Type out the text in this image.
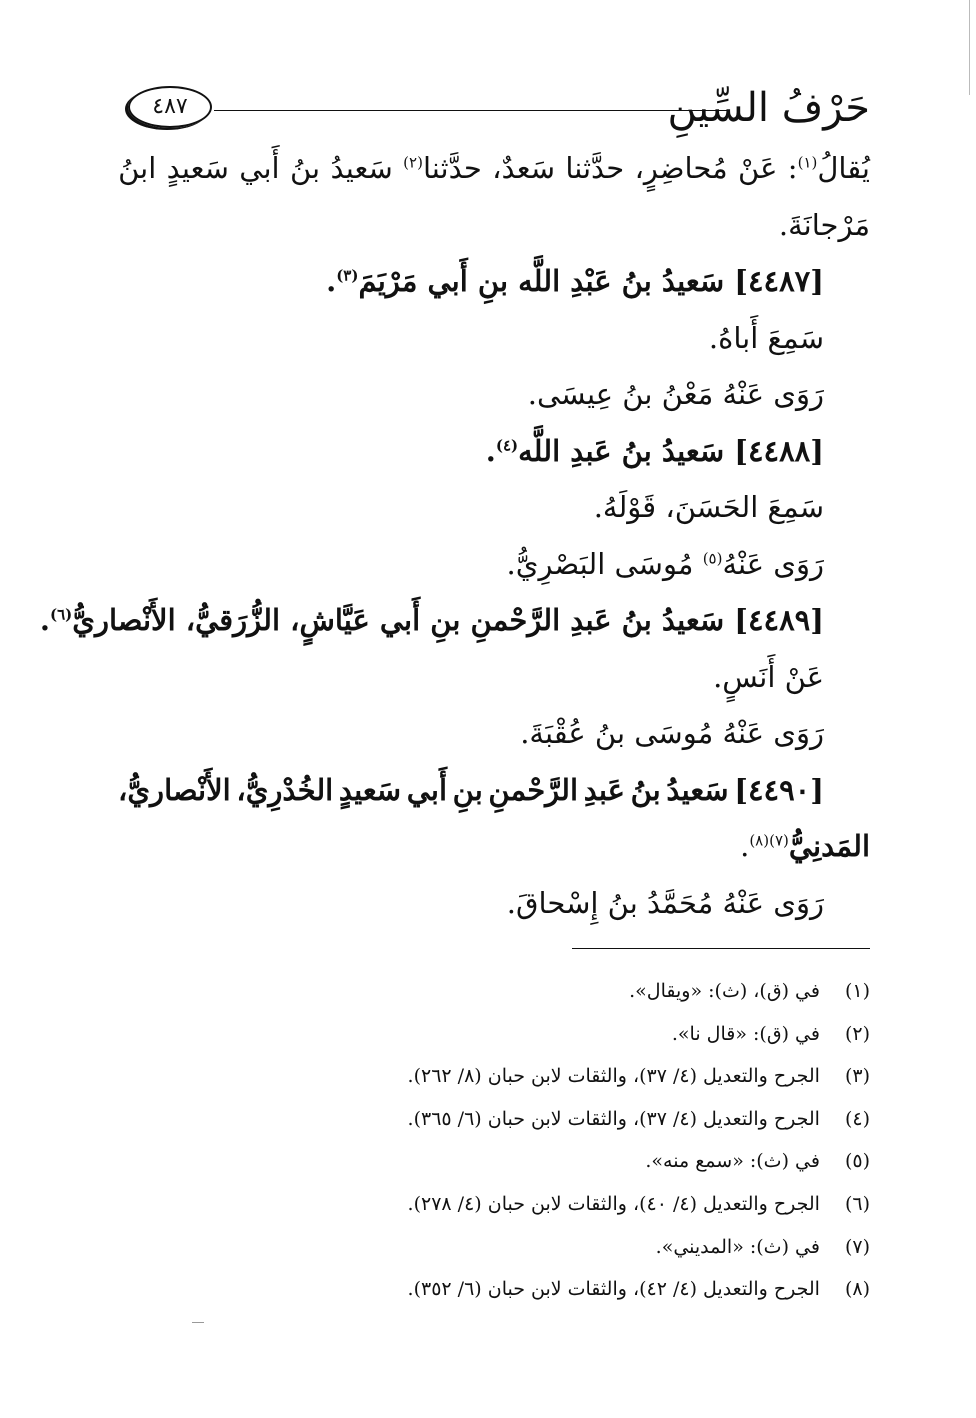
حَرْفُ السِّينِ
٤٨٧
يُقالُ$^{(١)}$:
عَنْ
مُحاضِرٍ،
حدَّثنا
سَعدٌ،
حدَّثنا$^{(٢)}$
سَعيدُ
بنُ
أَبي
سَعيدٍ
ابنُ

مَرْجانَةَ.

[٤٤٨٧] سَعيدُ بنُ عَبْدِ اللَّه بنِ أَبي مَرْيَمَ$^{(٣)}$.

سَمِعَ أَباهُ.

رَوَى عَنْهُ مَعْنُ بنُ عِيسَى.

[٤٤٨٨] سَعيدُ بنُ عَبدِ اللَّه$^{(٤)}$.

سَمِعَ الحَسَنَ، قَوْلَهُ.

رَوَى عَنْهُ$^{(٥)}$ مُوسَى البَصْرِيُّ.

[٤٤٨٩] سَعيدُ بنُ عَبدِ الرَّحْمنِ بنِ أَبي عَيَّاشٍ، الزُّرَقيُّ، الأَنْصاريُّ$^{(٦)}$.

عَنْ أَنَسٍ.

رَوَى عَنْهُ مُوسَى بنُ عُقْبَةَ.

[٤٤٩٠]
سَعيدُ
بنُ
عَبدِ
الرَّحْمنِ
بنِ
أَبي
سَعيدٍ
الخُدْرِيُّ،
الأَنْصاريُّ،

المَدنِيُّ$^{(٧)(٨)}$.

رَوَى عَنْهُ مُحَمَّدُ بنُ إِسْحاقَ.

(١) في (ق)، (ث): «ويقال».

(٢) في (ق): «قال نا».

(٣) الجرح والتعديل (٤/ ٣٧)، والثقات لابن حبان (٨/ ٢٦٢).

(٤) الجرح والتعديل (٤/ ٣٧)، والثقات لابن حبان (٦/ ٣٦٥).

(٥) في (ث): «سمع منه».

(٦) الجرح والتعديل (٤/ ٤٠)، والثقات لابن حبان (٤/ ٢٧٨).

(٧) في (ث): «المديني».

(٨) الجرح والتعديل (٤/ ٤٢)، والثقات لابن حبان (٦/ ٣٥٢).
